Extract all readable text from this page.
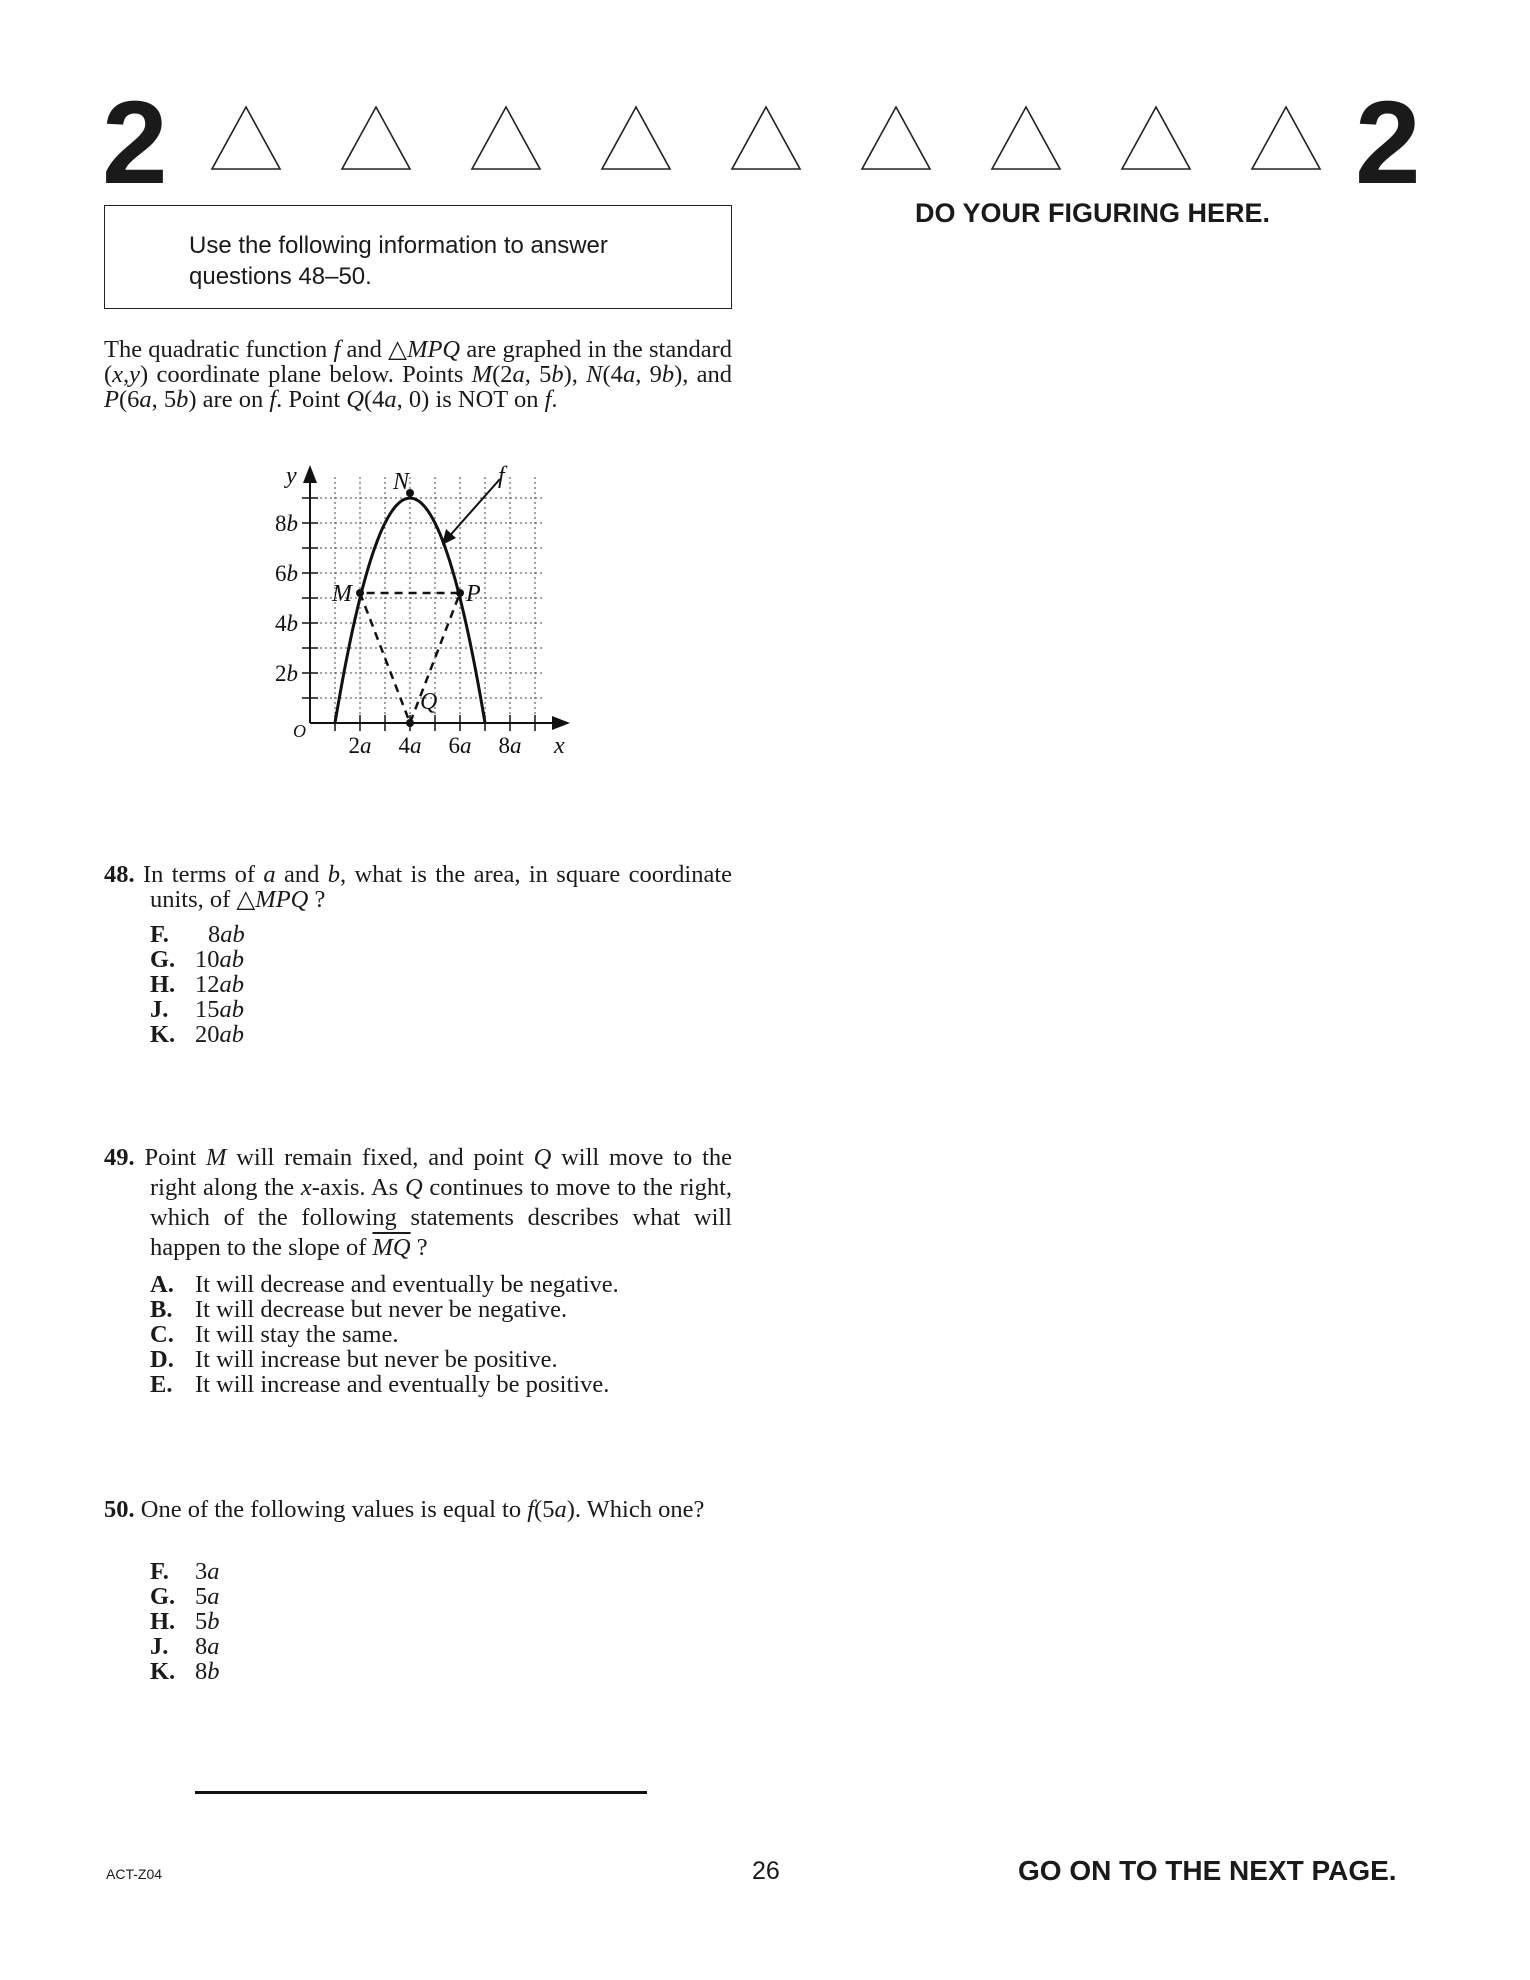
2	2
DO YOUR FIGURING HERE.
Use the following information to answer questions 48–50.
The quadratic function f and △MPQ are graphed in the standard (x,y) coordinate plane below. Points M(2a, 5b), N(4a, 9b), and P(6a, 5b) are on f. Point Q(4a, 0) is NOT on f.
y
x
N
M	P
Q
f
O
8b
6b
4b
2b
2a 4a 6a 8a
48. In terms of a and b, what is the area, in square coordinate units, of △MPQ ?
F. 8ab
G. 10ab
H. 12ab
J. 15ab
K. 20ab
49. Point M will remain fixed, and point Q will move to the right along the x-axis. As Q continues to move to the right, which of the following statements describes what will happen to the slope of $\overline{MQ}$ ?
A. It will decrease and eventually be negative.
B. It will decrease but never be negative.
C. It will stay the same.
D. It will increase but never be positive.
E. It will increase and eventually be positive.
50. One of the following values is equal to f(5a). Which one?
F. 3a
G. 5a
H. 5b
J. 8a
K. 8b
ACT-Z04	26	GO ON TO THE NEXT PAGE.
